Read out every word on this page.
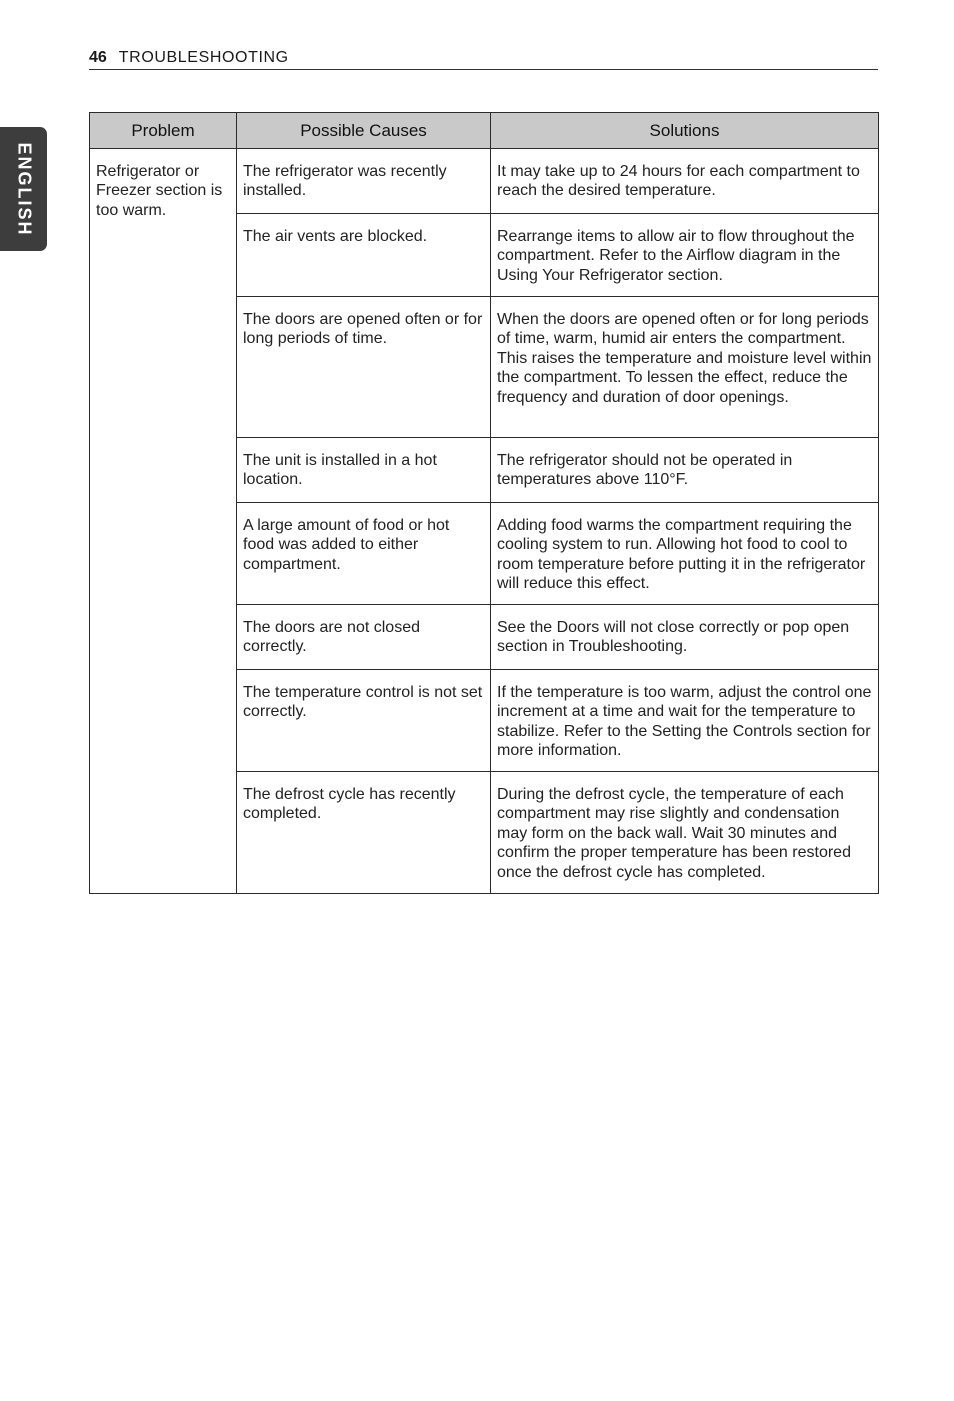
46 TROUBLESHOOTING
ENGLISH
Problem	Possible Causes	Solutions
Refrigerator or Freezer section is too warm.	The refrigerator was recently installed.	It may take up to 24 hours for each compartment to reach the desired temperature.
	The air vents are blocked.	Rearrange items to allow air to flow throughout the compartment. Refer to the Airflow diagram in the Using Your Refrigerator section.
	The doors are opened often or for long periods of time.	When the doors are opened often or for long periods of time, warm, humid air enters the compartment. This raises the temperature and moisture level within the compartment. To lessen the effect, reduce the frequency and duration of door openings.
	The unit is installed in a hot location.	The refrigerator should not be operated in temperatures above 110°F.
	A large amount of food or hot food was added to either compartment.	Adding food warms the compartment requiring the cooling system to run. Allowing hot food to cool to room temperature before putting it in the refrigerator will reduce this effect.
	The doors are not closed correctly.	See the Doors will not close correctly or pop open section in Troubleshooting.
	The temperature control is not set correctly.	If the temperature is too warm, adjust the control one increment at a time and wait for the temperature to stabilize. Refer to the Setting the Controls section for more information.
	The defrost cycle has recently completed.	During the defrost cycle, the temperature of each compartment may rise slightly and condensation may form on the back wall. Wait 30 minutes and confirm the proper temperature has been restored once the defrost cycle has completed.
